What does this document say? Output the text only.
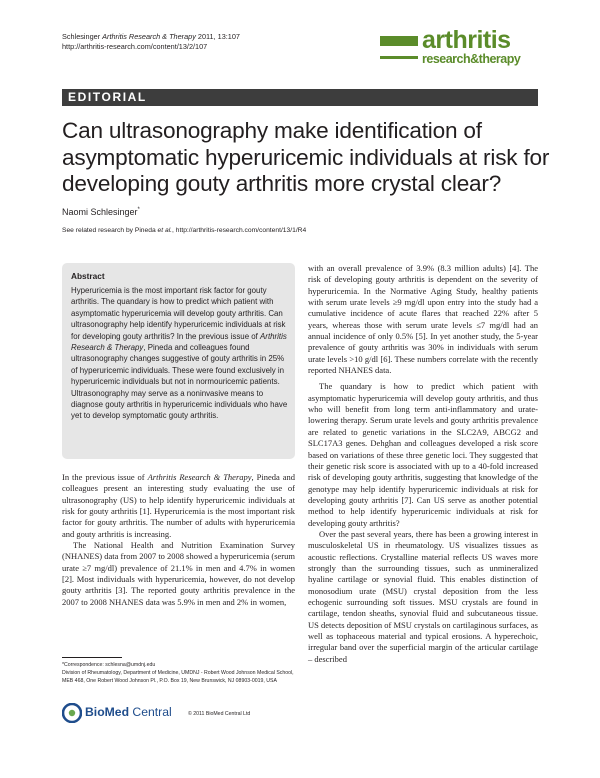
Schlesinger Arthritis Research & Therapy 2011, 13:107
http://arthritis-research.com/content/13/2/107	arthritis
research&therapy
EDITORIAL
Can ultrasonography make identification of
asymptomatic hyperuricemic individuals at risk for
developing gouty arthritis more crystal clear?
Naomi Schlesinger*
See related research by Pineda et al., http://arthritis-research.com/content/13/1/R4
Abstract
Hyperuricemia is the most important risk factor for gouty arthritis. The quandary is how to predict which patient with asymptomatic hyperuricemia will develop gouty arthritis. Can ultrasonography help identify hyperuricemic individuals at risk for developing gouty arthritis? In the previous issue of Arthritis Research & Therapy, Pineda and colleagues found ultrasonography changes suggestive of gouty arthritis in 25% of hyperuricemic individuals. These were found exclusively in hyperuricemic individuals but not in normouricemic patients. Ultrasonography may serve as a noninvasive means to diagnose gouty arthritis in hyperuricemic individuals who have yet to develop symptomatic gouty arthritis.

In the previous issue of Arthritis Research & Therapy, Pineda and colleagues present an interesting study evaluating the use of ultrasonography (US) to help identify hyperuricemic individuals at risk for gouty arthritis [1]. Hyperuricemia is the most important risk factor for gouty arthritis. The number of adults with hyperuricemia and gouty arthritis is increasing.

The National Health and Nutrition Examination Survey (NHANES) data from 2007 to 2008 showed a hyperuricemia (serum urate ≥7 mg/dl) prevalence of 21.1% in men and 4.7% in women [2]. Most individuals with hyperuricemia, however, do not develop gouty arthritis [3]. The reported gouty arthritis prevalence in the 2007 to 2008 NHANES data was 5.9% in men and 2% in women,

with an overall prevalence of 3.9% (8.3 million adults) [4]. The risk of developing gouty arthritis is dependent on the severity of hyperuricemia. In the Normative Aging Study, healthy patients with serum urate levels ≥9 mg/dl upon entry into the study had a cumulative incidence of acute flares that reached 22% after 5 years, whereas those with serum urate levels ≤7 mg/dl had an annual incidence of only 0.5% [5]. In yet another study, the 5-year prevalence of gouty arthritis was 30% in individuals with serum urate levels >10 g/dl [6]. These numbers correlate with the recently reported NHANES data.

The quandary is how to predict which patient with asymptomatic hyperuricemia will develop gouty arthritis, and thus who will benefit from long term anti-inflammatory and urate-lowering therapy. Serum urate levels and gouty arthritis prevalence are related to genetic variations in the SLC2A9, ABCG2 and SLC17A3 genes. Dehghan and colleagues developed a risk score based on variations of these three genetic loci. They suggested that their genetic risk score is associated with up to a 40-fold increased risk of developing gouty arthritis, suggesting that knowledge of the genotype may help identify hyperuricemic individuals at risk for developing gouty arthritis [7]. Can US serve as another potential method to help identify hyperuricemic individuals at risk for developing gouty arthritis?

Over the past several years, there has been a growing interest in musculoskeletal US in rheumatology. US visualizes tissues as acoustic reflections. Crystalline material reflects US waves more strongly than the surrounding tissues, such as unmineralized hyaline cartilage or synovial fluid. This enables distinction of monosodium urate (MSU) crystal deposition from the less echogenic surrounding soft tissues. MSU crystals are found in cartilage, tendon sheaths, synovial fluid and subcutaneous tissue. US detects deposition of MSU crystals on cartilaginous surfaces, as well as tophaceous material and typical erosions. A hyperechoic, irregular band over the superficial margin of the articular cartilage – described

*Correspondence: schlesna@umdnj.edu
Division of Rheumatology, Department of Medicine, UMDNJ - Robert Wood Johnson Medical School, MEB 468, One Robert Wood Johnson Pl., P.O. Box 19, New Brunswick, NJ 08903-0019, USA
BioMed Central	© 2011 BioMed Central Ltd
